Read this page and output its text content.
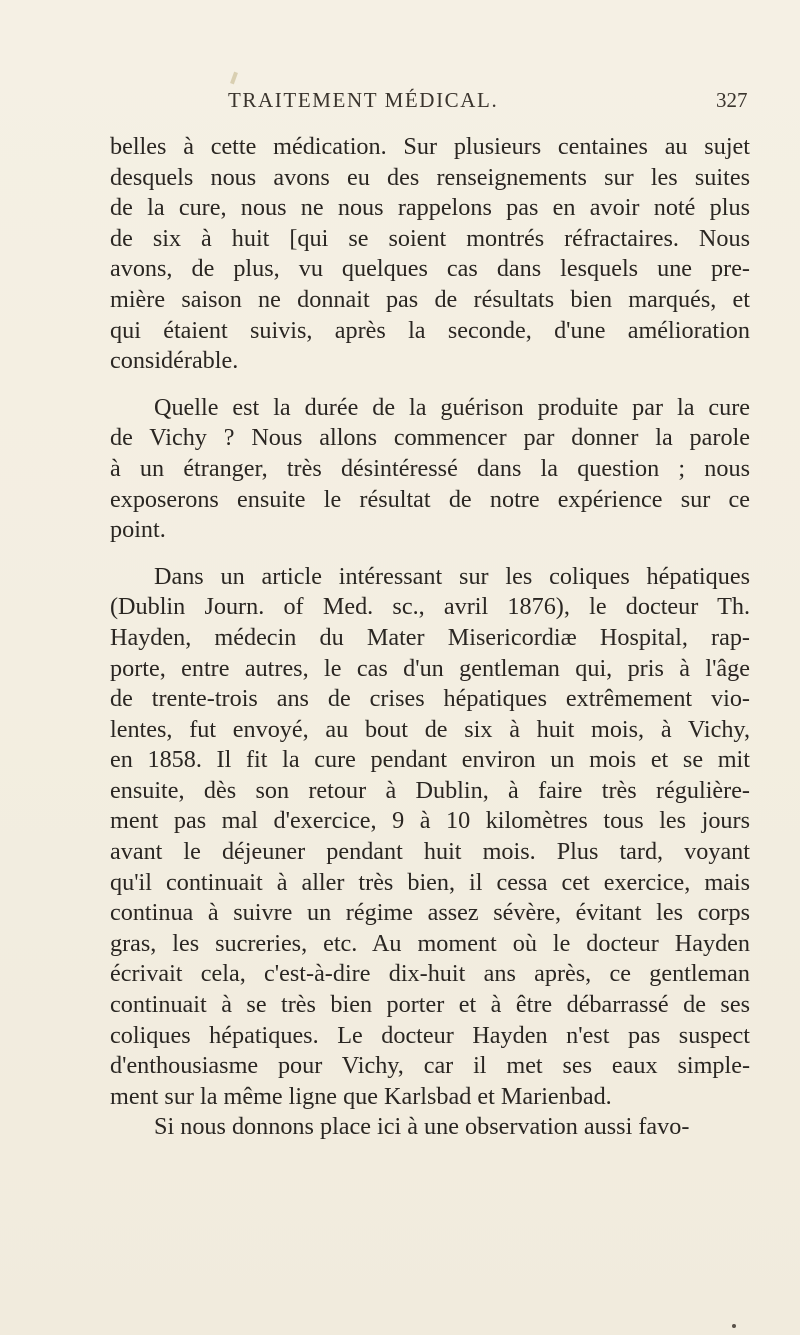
TRAITEMENT MÉDICAL.	327
belles à cette médication. Sur plusieurs centaines au sujet
desquels nous avons eu des renseignements sur les suites
de la cure, nous ne nous rappelons pas en avoir noté plus
de six à huit [qui se soient montrés réfractaires. Nous
avons, de plus, vu quelques cas dans lesquels une pre-
mière saison ne donnait pas de résultats bien marqués, et
qui étaient suivis, après la seconde, d'une amélioration
considérable.
Quelle est la durée de la guérison produite par la cure
de Vichy ? Nous allons commencer par donner la parole
à un étranger, très désintéressé dans la question ; nous
exposerons ensuite le résultat de notre expérience sur ce
point.
Dans un article intéressant sur les coliques hépatiques
(Dublin Journ. of Med. sc., avril 1876), le docteur Th.
Hayden, médecin du Mater Misericordiæ Hospital, rap-
porte, entre autres, le cas d'un gentleman qui, pris à l'âge
de trente-trois ans de crises hépatiques extrêmement vio-
lentes, fut envoyé, au bout de six à huit mois, à Vichy,
en 1858. Il fit la cure pendant environ un mois et se mit
ensuite, dès son retour à Dublin, à faire très régulière-
ment pas mal d'exercice, 9 à 10 kilomètres tous les jours
avant le déjeuner pendant huit mois. Plus tard, voyant
qu'il continuait à aller très bien, il cessa cet exercice, mais
continua à suivre un régime assez sévère, évitant les corps
gras, les sucreries, etc. Au moment où le docteur Hayden
écrivait cela, c'est-à-dire dix-huit ans après, ce gentleman
continuait à se très bien porter et à être débarrassé de ses
coliques hépatiques. Le docteur Hayden n'est pas suspect
d'enthousiasme pour Vichy, car il met ses eaux simple-
ment sur la même ligne que Karlsbad et Marienbad.
Si nous donnons place ici à une observation aussi favo-
